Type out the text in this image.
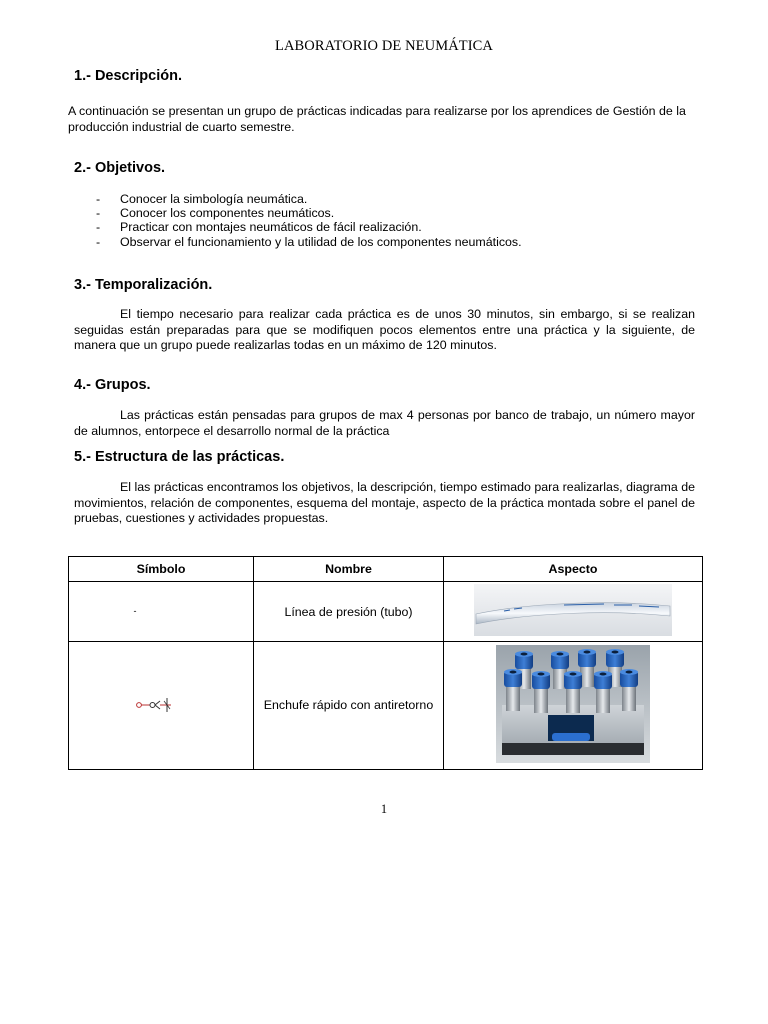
LABORATORIO DE NEUMÁTICA
1.- Descripción.

A continuación se presentan un grupo de prácticas indicadas para realizarse por los aprendices de Gestión de la producción industrial de cuarto semestre.

2.- Objetivos.
- Conocer la simbología neumática.
- Conocer los componentes neumáticos.
- Practicar con montajes neumáticos de fácil realización.
- Observar el funcionamiento y la utilidad de los componentes neumáticos.
3.- Temporalización.

El tiempo necesario para realizar cada práctica es de unos 30 minutos, sin embargo, si se realizan seguidas están preparadas para que se modifiquen pocos elementos entre una práctica y la siguiente, de manera que un grupo puede realizarlas todas en un máximo de 120 minutos.

4.- Grupos.

Las prácticas están pensadas para grupos de max 4 personas por banco de trabajo, un número mayor de alumnos, entorpece el desarrollo normal de la práctica

5.- Estructura de las prácticas.

El las prácticas encontramos los objetivos, la descripción, tiempo estimado para realizarlas, diagrama de movimientos, relación de componentes, esquema del montaje, aspecto de la práctica montada sobre el panel de pruebas, cuestiones y actividades propuestas.

Símbolo	Nombre	Aspecto
-	Línea de presión (tubo)	
	Enchufe rápido con antiretorno	
1
